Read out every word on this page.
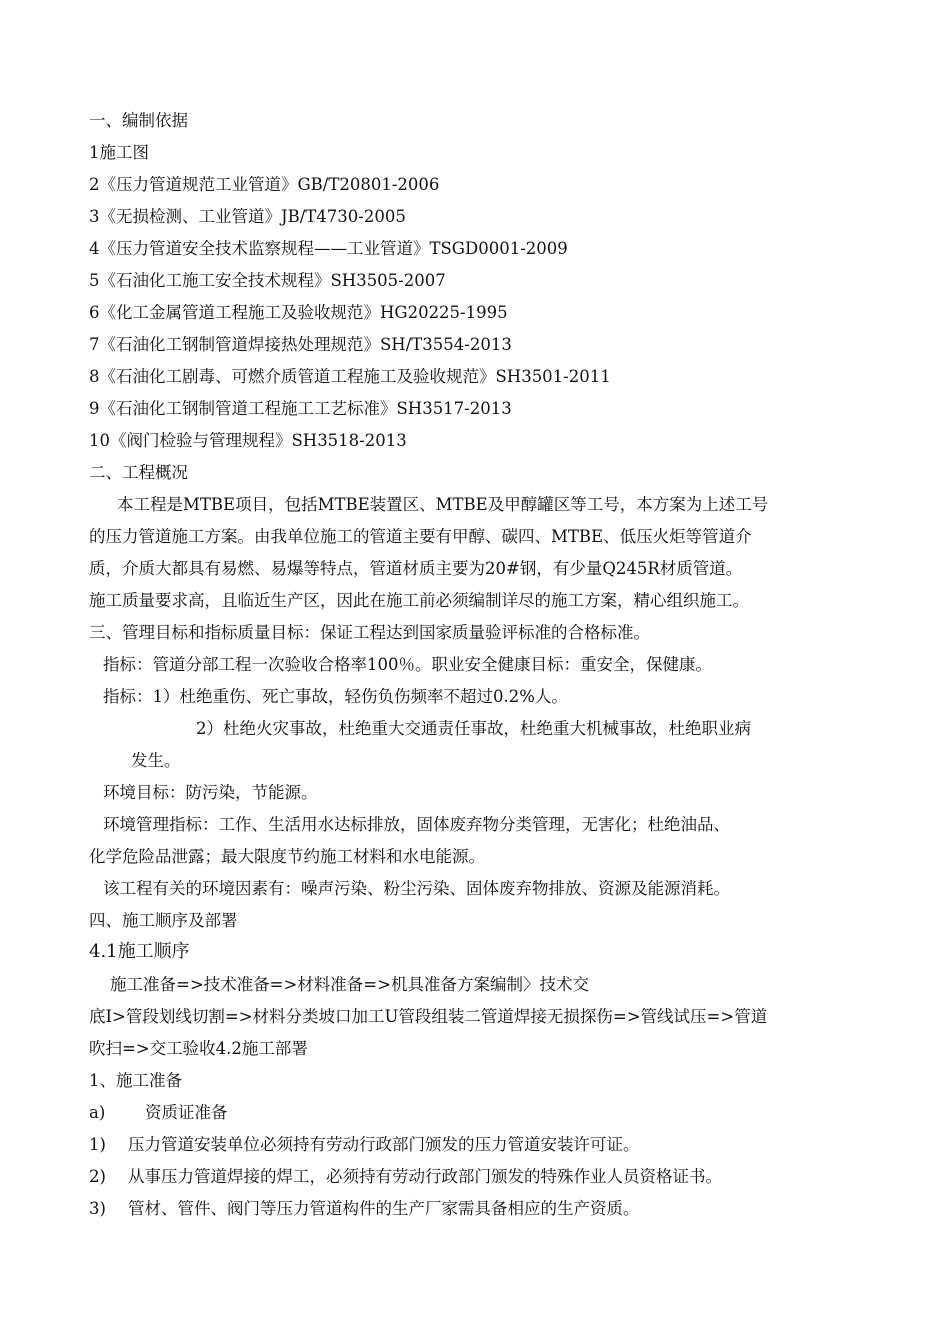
一、编制依据
1施工图
2《压力管道规范工业管道》GB/T20801-2006
3《无损检测、工业管道》JB/T4730-2005
4《压力管道安全技术监察规程——工业管道》TSGD0001-2009
5《石油化工施工安全技术规程》SH3505-2007
6《化工金属管道工程施工及验收规范》HG20225-1995
7《石油化工钢制管道焊接热处理规范》SH/T3554-2013
8《石油化工剧毒、可燃介质管道工程施工及验收规范》SH3501-2011
9《石油化工钢制管道工程施工工艺标准》SH3517-2013
10《阀门检验与管理规程》SH3518-2013
二、工程概况
本工程是MTBE项目，包括MTBE装置区、MTBE及甲醇罐区等工号，本方案为上述工号
的压力管道施工方案。由我单位施工的管道主要有甲醇、碳四、MTBE、低压火炬等管道介
质，介质大都具有易燃、易爆等特点，管道材质主要为20#钢，有少量Q245R材质管道。
施工质量要求高，且临近生产区，因此在施工前必须编制详尽的施工方案，精心组织施工。
三、管理目标和指标质量目标：保证工程达到国家质量验评标准的合格标准。
指标：管道分部工程一次验收合格率100％。职业安全健康目标：重安全，保健康。
指标：1）杜绝重伤、死亡事故，轻伤负伤频率不超过0.2%人。
2）杜绝火灾事故，杜绝重大交通责任事故，杜绝重大机械事故，杜绝职业病
发生。
环境目标：防污染，节能源。
环境管理指标：工作、生活用水达标排放，固体废弃物分类管理，无害化；杜绝油品、
化学危险品泄露；最大限度节约施工材料和水电能源。
该工程有关的环境因素有：噪声污染、粉尘污染、固体废弃物排放、资源及能源消耗。
四、施工顺序及部署
4.1施工顺序
施工准备=>技术准备=>材料准备=>机具准备方案编制〉技术交
底I>管段划线切割=>材料分类坡口加工U管段组装二管道焊接无损探伤=>管线试压=>管道
吹扫=>交工验收4.2施工部署
1、施工准备
a) 资质证准备
1) 压力管道安装单位必须持有劳动行政部门颁发的压力管道安装许可证。
2) 从事压力管道焊接的焊工，必须持有劳动行政部门颁发的特殊作业人员资格证书。
3) 管材、管件、阀门等压力管道构件的生产厂家需具备相应的生产资质。
